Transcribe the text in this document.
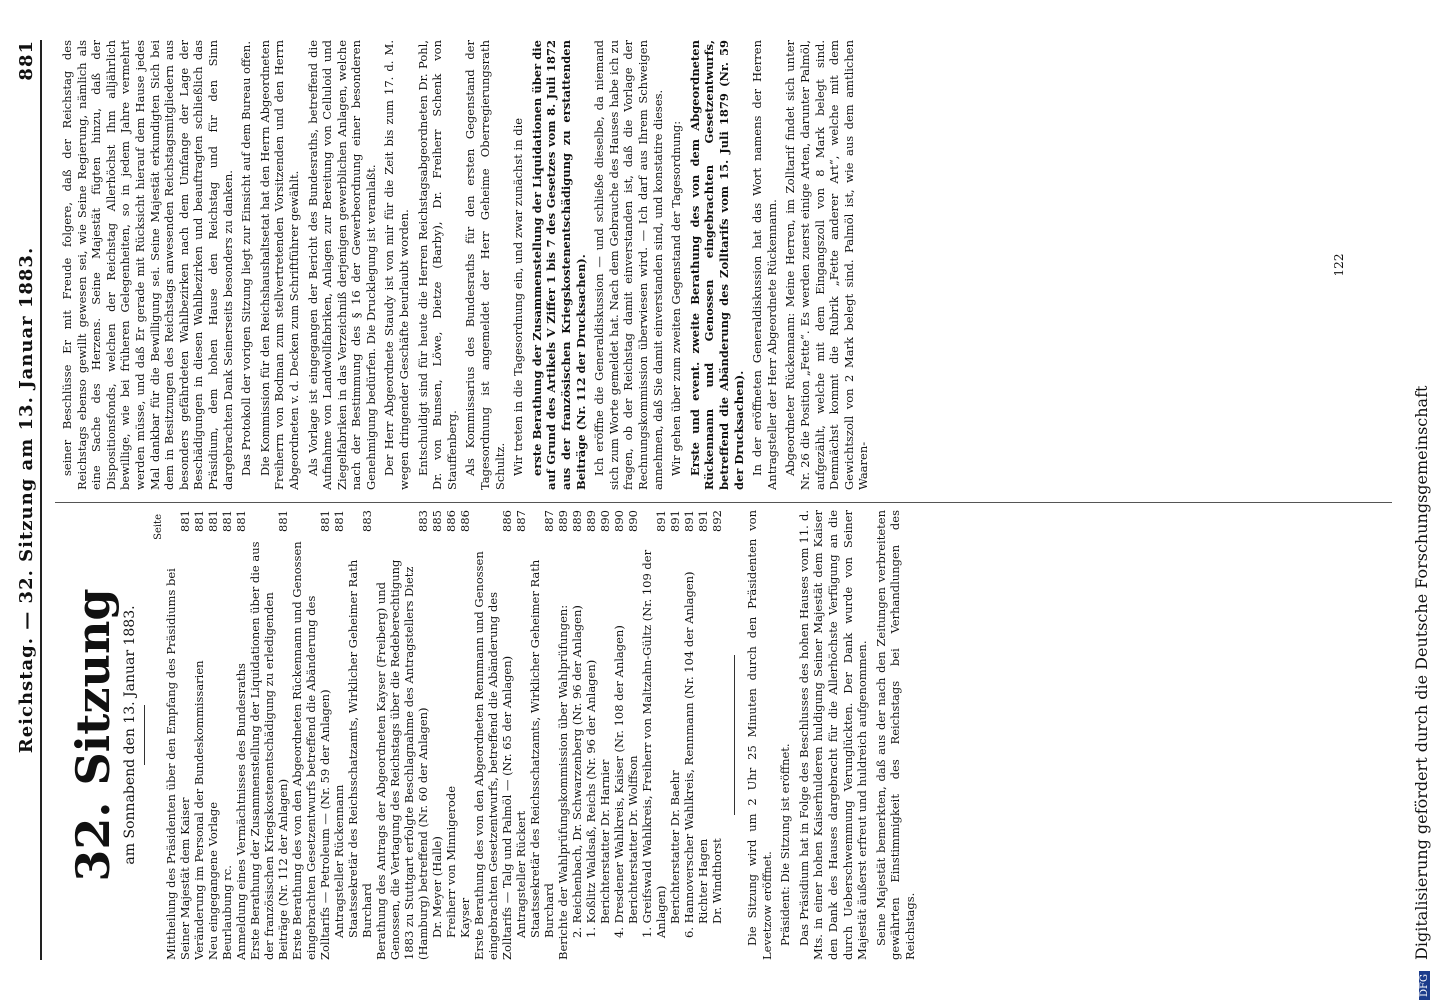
Reichstag. — 32. Sitzung am 13. Januar 1883.
881
32. Sitzung am Sonnabend den 13. Januar 1883.
Seite
Mittheilung des Präsidenten über den Empfang des Präsidiums bei Seiner Majestät dem Kaiser
881
Veränderung im Personal der Bundeskommissarien
881
Neu eingegangene Vorlage
881
Beurlaubung rc.
881
Anmeldung eines Vermächtnisses des Bundesraths
881
Erste Berathung der Zusammenstellung der Liquidationen über die aus der französischen Kriegskostenentschädigung zu erledigenden Beiträge (Nr. 112 der Anlagen)
881
Erste Berathung des von den Abgeordneten Rückennann und Genossen eingebrachten Gesetzentwurfs betreffend die Abänderung des Zolltarifs — Petroleum — (Nr. 59 der Anlagen)
881
Antragsteller Rückennann
881
Staatssekretär des Reichsschatzamts, Wirklicher Geheimer Rath Burchard
883
Berathung des Antrags der Abgeordneten Kayser (Freiberg) und Genossen, die Vertagung des Reichstags über die Redeberechtigung 1883 zu Stuttgart erfolgte Beschlagnahme des Antragstellers Dietz (Hamburg) betreffend (Nr. 60 der Anlagen)
883
Dr. Meyer (Halle)
885
Freiherr von Minnigerode
886
Kayser
886
Erste Berathung des von den Abgeordneten Rennmann und Genossen eingebrachten Gesetzentwurfs, betreffend die Abänderung des Zolltarifs — Talg und Palmöl — (Nr. 65 der Anlagen)
886
Antragsteller Rückert
887
Staatssekretär des Reichsschatzamts, Wirklicher Geheimer Rath Burchard
887
Berichte der Wahlprüfungskommission über Wahlprüfungen:
889
2. Reichenbach, Dr. Schwarzenberg (Nr. 96 der Anlagen)
889
1. Koßlitz Waldsaß, Reichs (Nr. 96 der Anlagen)
889
Berichterstatter Dr. Harnier
890
4. Dresdener Wahlkreis, Kaiser (Nr. 108 der Anlagen)
890
Berichterstatter Dr. Wolffson
890
1. Greifswald Wahlkreis, Freiherr von Maltzahn-Gültz (Nr. 109 der Anlagen)
891
Berichterstatter Dr. Baehr
891
6. Hannoverscher Wahlkreis, Rennmann (Nr. 104 der Anlagen)
891
Richter Hagen
891
Dr. Windthorst
892 Die Sitzung wird um 2 Uhr 25 Minuten durch den Präsidenten von Levetzow eröffnet. Präsident: Die Sitzung ist eröffnet. Das Präsidium hat in Folge des Beschlusses des hohen Hauses vom 11. d. Mts. in einer hohen Kaiserhulderen huldigung Seiner Majestät dem Kaiser den Dank des Hauses dargebracht für die Allerhöchste Verfügung an die durch Ueberschwemmung Verunglückten. Der Dank wurde von Seiner Majestät äußerst erfreut und huldreich aufgenommen. Seine Majestät bemerkten, daß aus der nach den Zeitungen verbreiteten gewährten Einstimmigkeit des Reichstags bei Verhandlungen des Reichstags.

seiner Beschlüsse Er mit Freude folgere, daß der Reichstag des Reichstags ebenso gewillt gewesen sei, wie Seine Regierung, nämlich als eine Sache des Herzens. Seine Majestät fügten hinzu, daß der Dispositionsfonds, welchen der Reichstag Allerhöchst Ihm alljährlich bewillige, wie bei früheren Gelegenheiten, so in jedem Jahre vermehrt werden müsse, und daß Er gerade mit Rücksicht hierauf dem Hause jedes Mal dankbar für die Bewilligung sei. Seine Majestät erkundigten Sich bei dem in Besitzungen des Reichstags anwesenden Reichstagsmitgliedern aus besonders gefährdeten Wahlbezirken nach dem Umfange der Lage der Beschädigungen in diesen Wahlbezirken und beauftragten schließlich das Präsidium, dem hohen Hause den Reichstag und für den Sinn dargebrachten Dank Seinerseits besonders zu danken. Das Protokoll der vorigen Sitzung liegt zur Einsicht auf dem Bureau offen. Die Kommission für den Reichshaushaltsetat hat den Herrn Abgeordneten Freiherrn von Bodman zum stellvertretenden Vorsitzenden und den Herrn Abgeordneten v. d. Decken zum Schriftführer gewählt. Als Vorlage ist eingegangen der Bericht des Bundesraths, betreffend die Aufnahme von Landwollfabriken, Anlagen zur Bereitung von Celluloid und Ziegelfabriken in das Verzeichniß derjenigen gewerblichen Anlagen, welche nach der Bestimmung des § 16 der Gewerbeordnung einer besonderen Genehmigung bedürfen. Die Drucklegung ist veranlaßt. Der Herr Abgeordnete Staudy ist von mir für die Zeit bis zum 17. d. M. wegen dringender Geschäfte beurlaubt worden. Entschuldigt sind für heute die Herren Reichstagsabgeordneten Dr. Pohl, Dr. von Bunsen, Löwe, Dietze (Barby), Dr. Freiherr Schenk von Stauffenberg. Als Kommissarius des Bundesraths für den ersten Gegenstand der Tagesordnung ist angemeldet der Herr Geheime Oberregierungsrath Schultz. Wir treten in die Tagesordnung ein, und zwar zunächst in die erste Berathung der Zusammenstellung der Liquidationen über die auf Grund des Artikels V Ziffer 1 bis 7 des Gesetzes vom 8. Juli 1872 aus der französischen Kriegskostenentschädigung zu erstattenden Beiträge (Nr. 112 der Drucksachen). Ich eröffne die Generaldiskussion — und schließe dieselbe, da niemand sich zum Worte gemeldet hat. Nach dem Gebrauche des Hauses habe ich zu fragen, ob der Reichstag damit einverstanden ist, daß die Vorlage der Rechnungskommission überwiesen wird. — Ich darf aus Ihrem Schweigen annehmen, daß Sie damit einverstanden sind, und konstatire dieses. Wir gehen über zum zweiten Gegenstand der Tagesordnung: Erste und event. zweite Berathung des von dem Abgeordneten Rückennann und Genossen eingebrachten Gesetzentwurfs, betreffend die Abänderung des Zolltarifs vom 15. Juli 1879 (Nr. 59 der Drucksachen). In der eröffneten Generaldiskussion hat das Wort namens der Herren Antragsteller der Herr Abgeordnete Rückennann. Abgeordneter Rückennann: Meine Herren, im Zolltarif findet sich unter Nr. 26 die Position „Fette“. Es werden zuerst einige Arten, darunter Palmöl, aufgezählt, welche mit dem Eingangszoll von 8 Mark belegt sind. Demnächst kommt die Rubrik „Fette anderer Art“, welche mit dem Gewichtszoll von 2 Mark belegt sind. Palmöl ist, wie aus dem amtlichen Waaren-

122
DFG Digitalisierung gefördert durch die Deutsche Forschungsgemeinschaft
